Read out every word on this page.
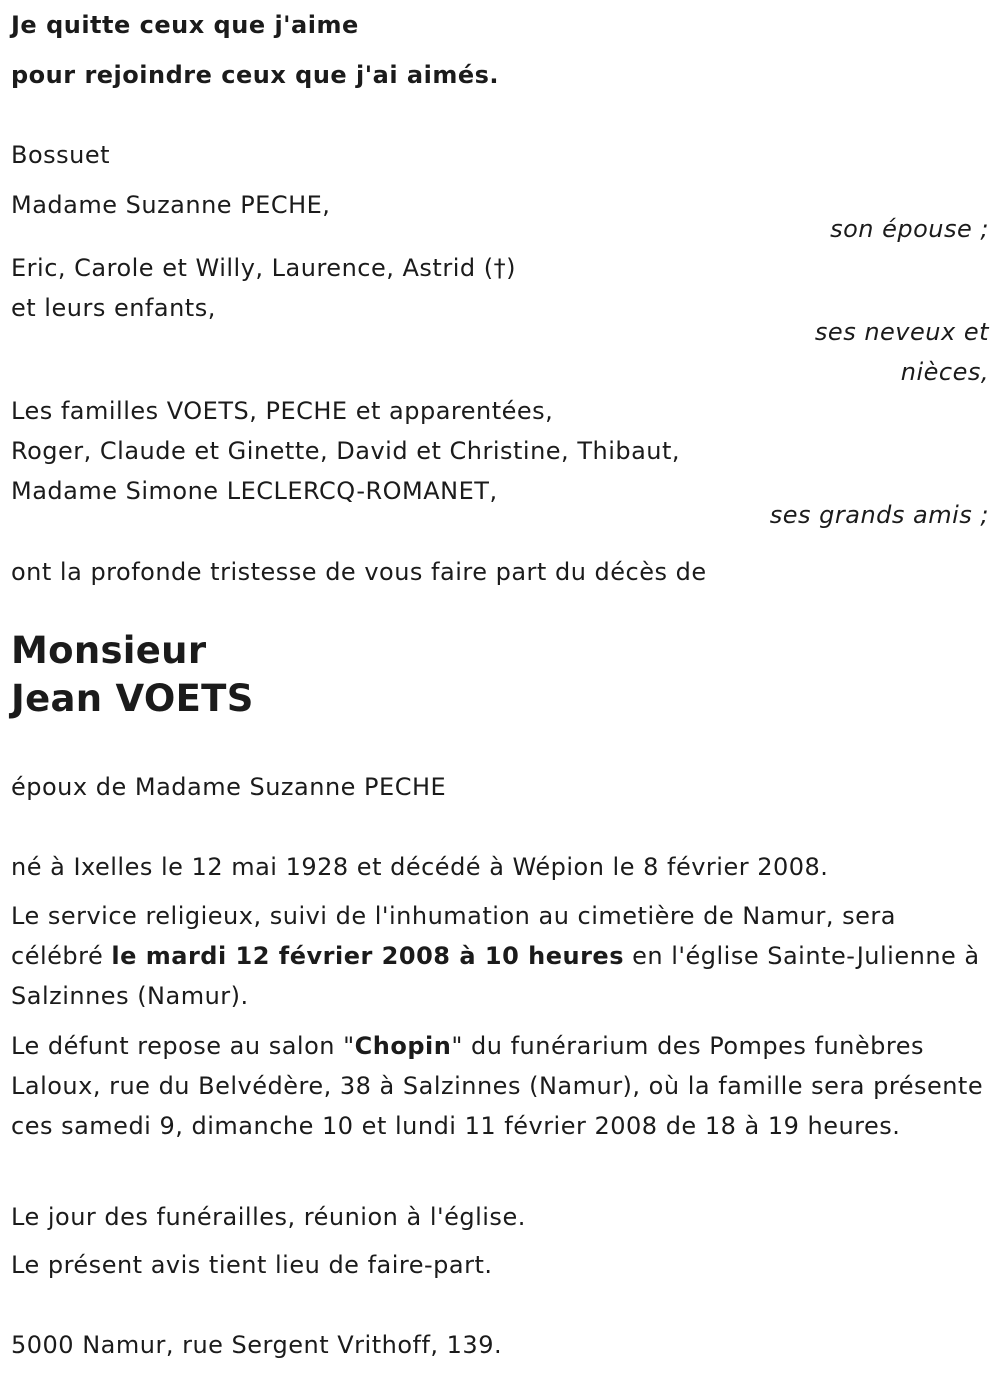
Je quitte ceux que j'aime
pour rejoindre ceux que j'ai aimés.
Bossuet
Madame Suzanne PECHE,
son épouse ;
Eric, Carole et Willy, Laurence, Astrid (†)
et leurs enfants,
ses neveux et
nièces,
Les familles VOETS, PECHE et apparentées,
Roger, Claude et Ginette, David et Christine, Thibaut,
Madame Simone LECLERCQ-ROMANET,
ses grands amis ;
ont la profonde tristesse de vous faire part du décès de
Monsieur
Jean VOETS
époux de Madame Suzanne PECHE
né à Ixelles le 12 mai 1928 et décédé à Wépion le 8 février 2008.
Le service religieux, suivi de l'inhumation au cimetière de Namur, sera célébré le mardi 12 février 2008 à 10 heures en l'église Sainte-Julienne à Salzinnes (Namur).
Le défunt repose au salon "Chopin" du funérarium des Pompes funèbres Laloux, rue du Belvédère, 38 à Salzinnes (Namur), où la famille sera présente ces samedi 9, dimanche 10 et lundi 11 février 2008 de 18 à 19 heures.
Le jour des funérailles, réunion à l'église.
Le présent avis tient lieu de faire-part.
5000 Namur, rue Sergent Vrithoff, 139.
